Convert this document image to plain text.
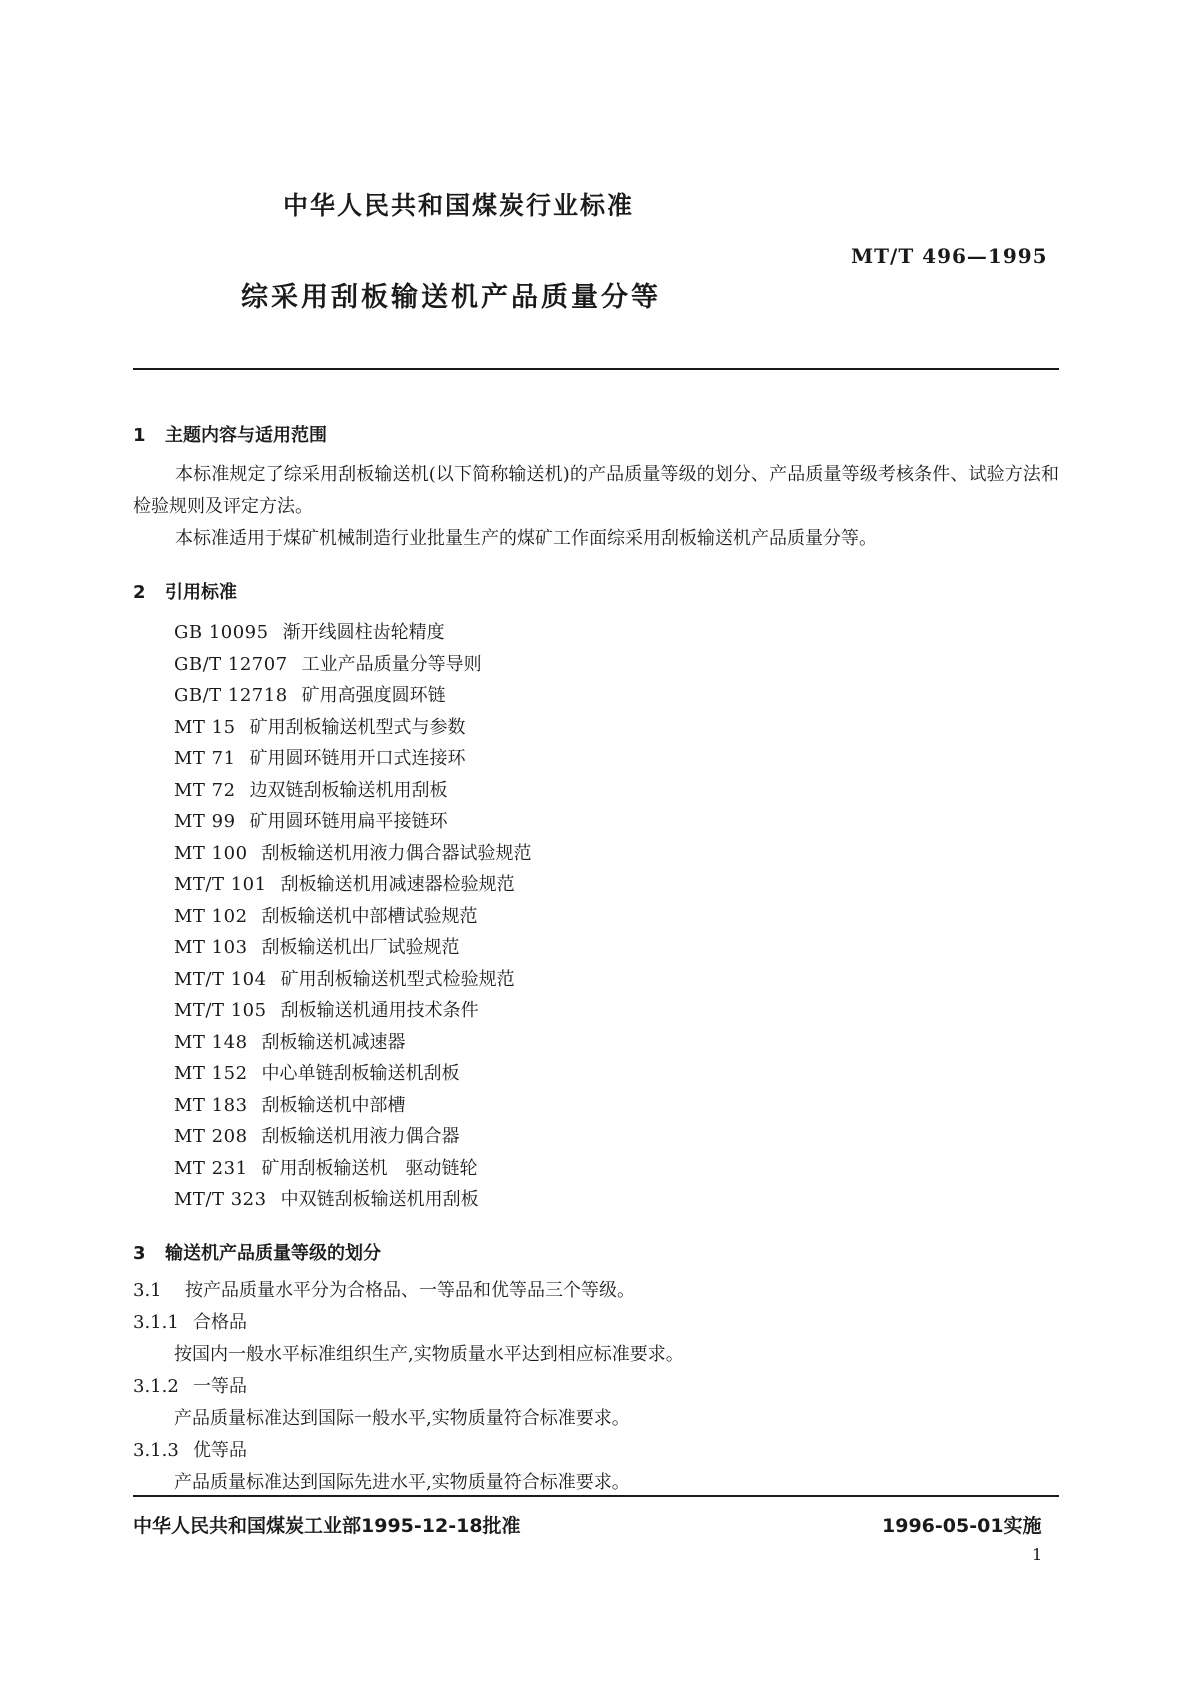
中华人民共和国煤炭行业标准
MT/T 496—1995
综采用刮板输送机产品质量分等
1 主题内容与适用范围
本标准规定了综采用刮板输送机(以下简称输送机)的产品质量等级的划分、产品质量等级考核条件、试验方法和检验规则及评定方法。
本标准适用于煤矿机械制造行业批量生产的煤矿工作面综采用刮板输送机产品质量分等。
2 引用标准
GB 10095 渐开线圆柱齿轮精度
GB/T 12707 工业产品质量分等导则
GB/T 12718 矿用高强度圆环链
MT 15 矿用刮板输送机型式与参数
MT 71 矿用圆环链用开口式连接环
MT 72 边双链刮板输送机用刮板
MT 99 矿用圆环链用扁平接链环
MT 100 刮板输送机用液力偶合器试验规范
MT/T 101 刮板输送机用减速器检验规范
MT 102 刮板输送机中部槽试验规范
MT 103 刮板输送机出厂试验规范
MT/T 104 矿用刮板输送机型式检验规范
MT/T 105 刮板输送机通用技术条件
MT 148 刮板输送机减速器
MT 152 中心单链刮板输送机刮板
MT 183 刮板输送机中部槽
MT 208 刮板输送机用液力偶合器
MT 231 矿用刮板输送机　驱动链轮
MT/T 323 中双链刮板输送机用刮板
3 输送机产品质量等级的划分
3.1 按产品质量水平分为合格品、一等品和优等品三个等级。
3.1.1 合格品
按国内一般水平标准组织生产,实物质量水平达到相应标准要求。
3.1.2 一等品
产品质量标准达到国际一般水平,实物质量符合标准要求。
3.1.3 优等品
产品质量标准达到国际先进水平,实物质量符合标准要求。
中华人民共和国煤炭工业部1995-12-18批准	1996-05-01实施
1
